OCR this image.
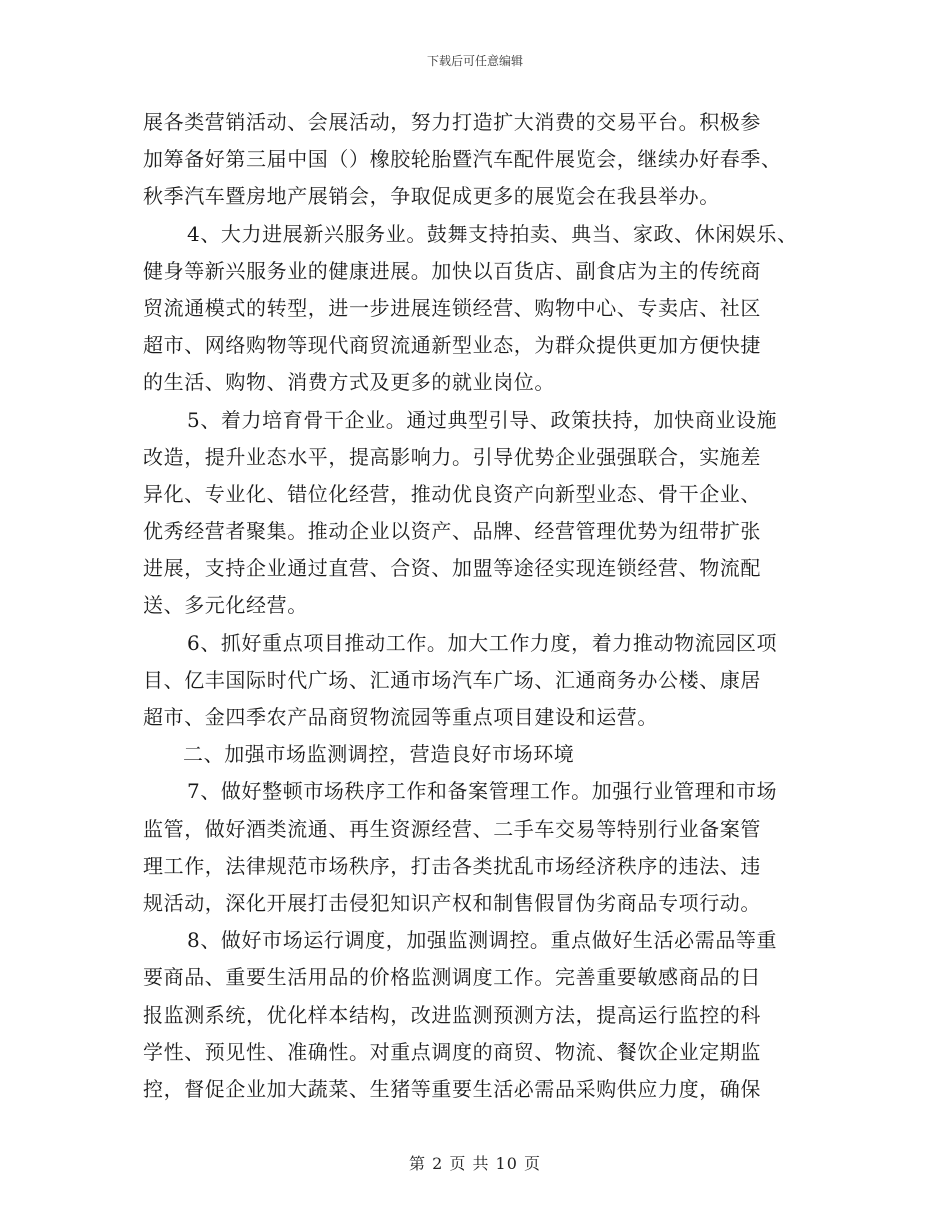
下载后可任意编辑
展各类营销活动、会展活动，努力打造扩大消费的交易平台。积极参
加筹备好第三届中国（）橡胶轮胎暨汽车配件展览会，继续办好春季、
秋季汽车暨房地产展销会，争取促成更多的展览会在我县举办。
4、大力进展新兴服务业。鼓舞支持拍卖、典当、家政、休闲娱乐、
健身等新兴服务业的健康进展。加快以百货店、副食店为主的传统商
贸流通模式的转型，进一步进展连锁经营、购物中心、专卖店、社区
超市、网络购物等现代商贸流通新型业态，为群众提供更加方便快捷
的生活、购物、消费方式及更多的就业岗位。
5、着力培育骨干企业。通过典型引导、政策扶持，加快商业设施
改造，提升业态水平，提高影响力。引导优势企业强强联合，实施差
异化、专业化、错位化经营，推动优良资产向新型业态、骨干企业、
优秀经营者聚集。推动企业以资产、品牌、经营管理优势为纽带扩张
进展，支持企业通过直营、合资、加盟等途径实现连锁经营、物流配
送、多元化经营。
6、抓好重点项目推动工作。加大工作力度，着力推动物流园区项
目、亿丰国际时代广场、汇通市场汽车广场、汇通商务办公楼、康居
超市、金四季农产品商贸物流园等重点项目建设和运营。
二、加强市场监测调控，营造良好市场环境
7、做好整顿市场秩序工作和备案管理工作。加强行业管理和市场
监管，做好酒类流通、再生资源经营、二手车交易等特别行业备案管
理工作，法律规范市场秩序，打击各类扰乱市场经济秩序的违法、违
规活动，深化开展打击侵犯知识产权和制售假冒伪劣商品专项行动。
8、做好市场运行调度，加强监测调控。重点做好生活必需品等重
要商品、重要生活用品的价格监测调度工作。完善重要敏感商品的日
报监测系统，优化样本结构，改进监测预测方法，提高运行监控的科
学性、预见性、准确性。对重点调度的商贸、物流、餐饮企业定期监
控，督促企业加大蔬菜、生猪等重要生活必需品采购供应力度，确保
第 2 页 共 10 页
